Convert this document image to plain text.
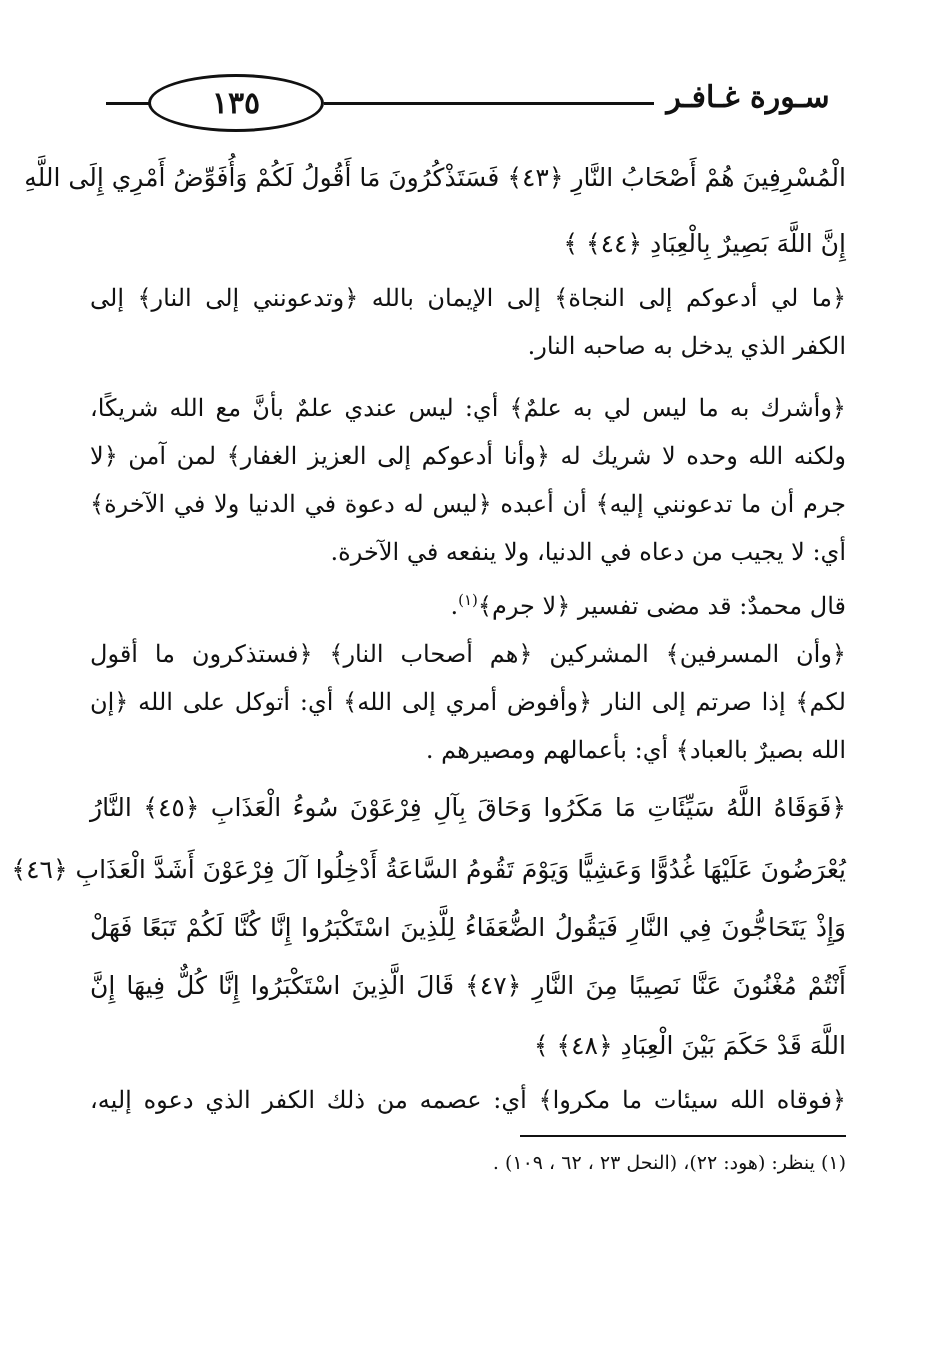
١٣٥	سـورة غـافـر
الْمُسْرِفِينَ هُمْ أَصْحَابُ النَّارِ ﴿٤٣﴾ فَسَتَذْكُرُونَ مَا أَقُولُ لَكُمْ وَأُفَوِّضُ أَمْرِي إِلَى اللَّهِ
إِنَّ اللَّهَ بَصِيرٌ بِالْعِبَادِ ﴿٤٤﴾ ﴾
﴿ما لي أدعوكم إلى النجاة﴾ إلى الإيمان بالله ﴿وتدعونني إلى النار﴾ إلى
الكفر الذي يدخل به صاحبه النار.
﴿وأشرك به ما ليس لي به علمٌ﴾ أي: ليس عندي علمٌ بأنَّ مع الله شريكًا،
ولكنه الله وحده لا شريك له ﴿وأنا أدعوكم إلى العزيز الغفار﴾ لمن آمن ﴿لا
جرم أن ما تدعونني إليه﴾ أن أعبده ﴿ليس له دعوة في الدنيا ولا في الآخرة﴾
أي: لا يجيب من دعاه في الدنيا، ولا ينفعه في الآخرة.
قال محمدٌ: قد مضى تفسير ﴿لا جرم﴾$^{(١)}$.
﴿وأن المسرفين﴾ المشركين ﴿هم أصحاب النار﴾ ﴿فستذكرون ما أقول
لكم﴾ إذا صرتم إلى النار ﴿وأفوض أمري إلى الله﴾ أي: أتوكل على الله ﴿إن
الله بصيرٌ بالعباد﴾ أي: بأعمالهم ومصيرهم .
﴿فَوَقَاهُ اللَّهُ سَيِّئَاتِ مَا مَكَرُوا وَحَاقَ بِآلِ فِرْعَوْنَ سُوءُ الْعَذَابِ ﴿٤٥﴾ النَّارُ
يُعْرَضُونَ عَلَيْهَا غُدُوًّا وَعَشِيًّا وَيَوْمَ تَقُومُ السَّاعَةُ أَدْخِلُوا آلَ فِرْعَوْنَ أَشَدَّ الْعَذَابِ ﴿٤٦﴾
وَإِذْ يَتَحَاجُّونَ فِي النَّارِ فَيَقُولُ الضُّعَفَاءُ لِلَّذِينَ اسْتَكْبَرُوا إِنَّا كُنَّا لَكُمْ تَبَعًا فَهَلْ
أَنْتُمْ مُغْنُونَ عَنَّا نَصِيبًا مِنَ النَّارِ ﴿٤٧﴾ قَالَ الَّذِينَ اسْتَكْبَرُوا إِنَّا كُلٌّ فِيهَا إِنَّ
اللَّهَ قَدْ حَكَمَ بَيْنَ الْعِبَادِ ﴿٤٨﴾ ﴾
﴿فوقاه الله سيئات ما مكروا﴾ أي: عصمه من ذلك الكفر الذي دعوه إليه،
(١) ينظر: (هود: ٢٢)، (النحل ٢٣ ، ٦٢ ، ١٠٩) .
